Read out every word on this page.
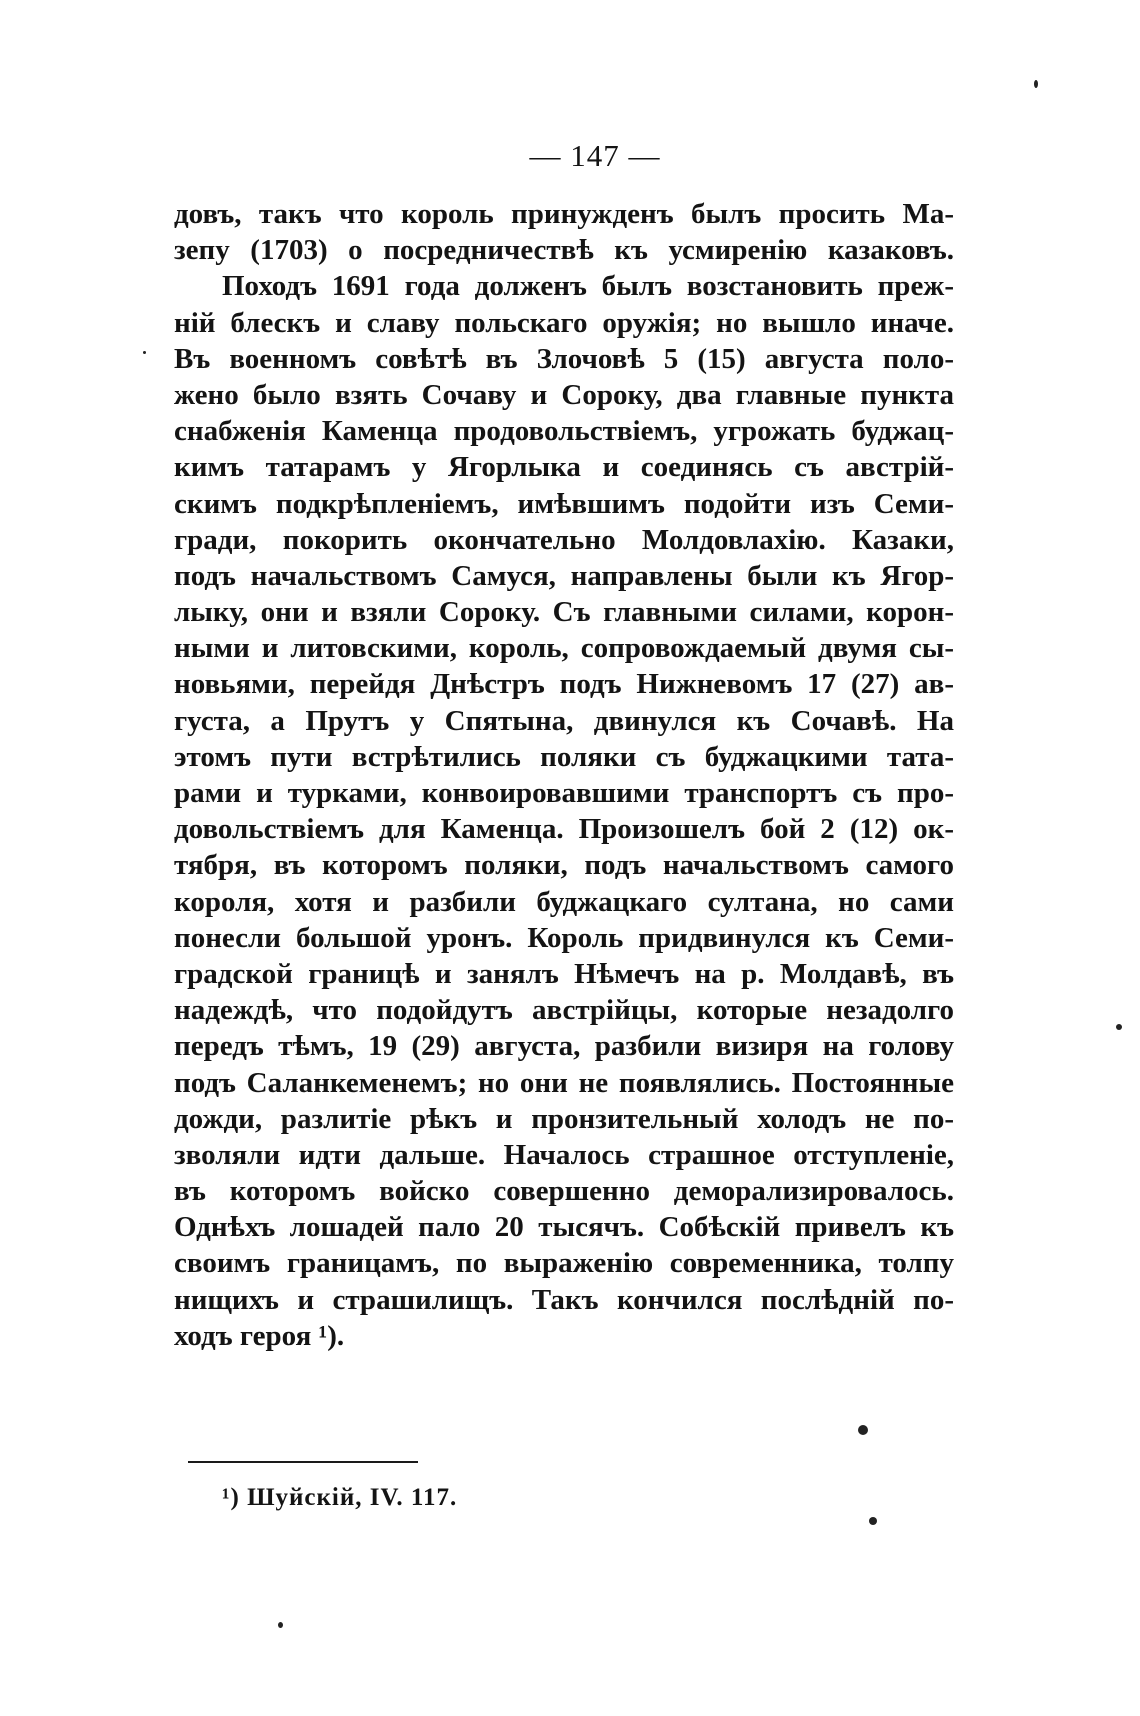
— 147 —
довъ, такъ что король принужденъ былъ просить Ма-
зепу (1703) о посредничествѣ къ усмиренію казаковъ.
Походъ 1691 года долженъ былъ возстановить преж-
ній блескъ и славу польскаго оружія; но вышло иначе.
Въ военномъ совѣтѣ въ Злочовѣ 5 (15) августа поло-
жено было взять Сочаву и Сороку, два главные пункта
снабженія Каменца продовольствіемъ, угрожать буджац-
кимъ татарамъ у Ягорлыка и соединясь съ австрій-
скимъ подкрѣпленіемъ, имѣвшимъ подойти изъ Семи-
гради, покорить окончательно Молдовлахію. Казаки,
подъ начальствомъ Самуся, направлены были къ Ягор-
лыку, они и взяли Сороку. Съ главными силами, корон-
ными и литовскими, король, сопровождаемый двумя сы-
новьями, перейдя Днѣстръ подъ Нижневомъ 17 (27) ав-
густа, а Прутъ у Спятына, двинулся къ Сочавѣ. На
этомъ пути встрѣтились поляки съ буджацкими тата-
рами и турками, конвоировавшими транспортъ съ про-
довольствіемъ для Каменца. Произошелъ бой 2 (12) ок-
тября, въ которомъ поляки, подъ начальствомъ самого
короля, хотя и разбили буджацкаго султана, но сами
понесли большой уронъ. Король придвинулся къ Семи-
градской границѣ и занялъ Нѣмечъ на р. Молдавѣ, въ
надеждѣ, что подойдутъ австрійцы, которые незадолго
передъ тѣмъ, 19 (29) августа, разбили визиря на голову
подъ Саланкеменемъ; но они не появлялись. Постоянные
дожди, разлитіе рѣкъ и пронзительный холодъ не по-
зволяли идти дальше. Началось страшное отступленіе,
въ которомъ войско совершенно деморализировалось.
Однѣхъ лошадей пало 20 тысячъ. Собѣскій привелъ къ
своимъ границамъ, по выраженію современника, толпу
нищихъ и страшилищъ. Такъ кончился послѣдній по-
ходъ героя ¹).
¹) Шуйскій, IV. 117.
